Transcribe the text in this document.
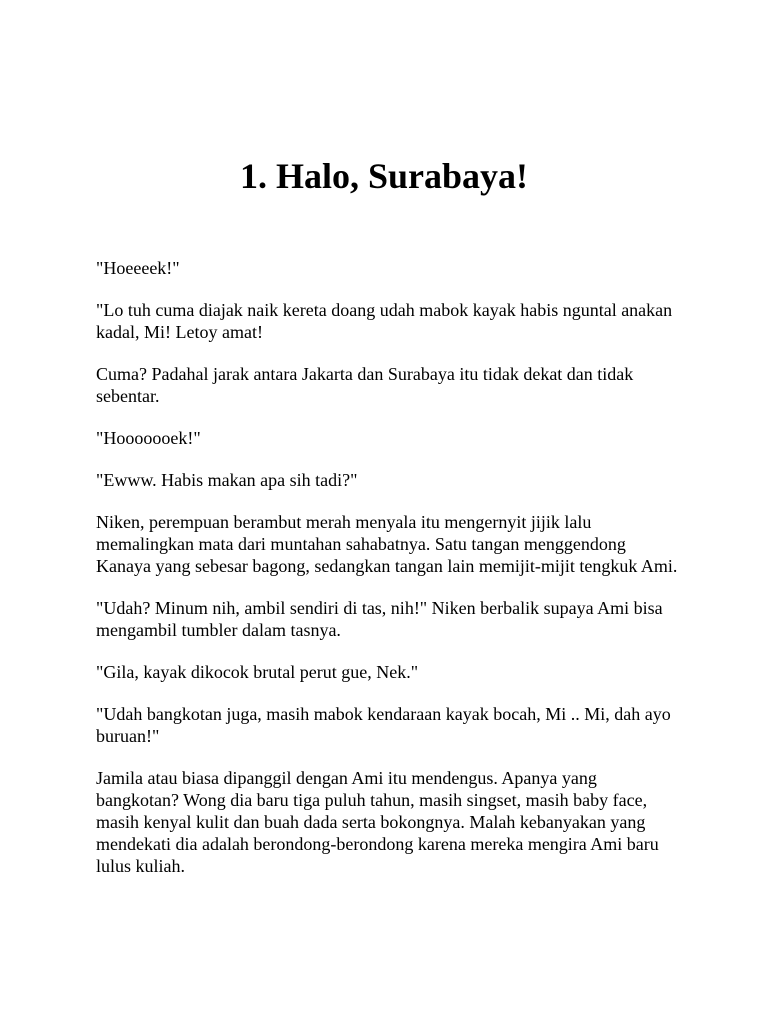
1. Halo, Surabaya!

"Hoeeeek!"

"Lo tuh cuma diajak naik kereta doang udah mabok kayak habis nguntal anakan kadal, Mi! Letoy amat!

Cuma? Padahal jarak antara Jakarta dan Surabaya itu tidak dekat dan tidak sebentar.

"Hooooooek!"

"Ewww. Habis makan apa sih tadi?"

Niken, perempuan berambut merah menyala itu mengernyit jijik lalu memalingkan mata dari muntahan sahabatnya. Satu tangan menggendong Kanaya yang sebesar bagong, sedangkan tangan lain memijit-mijit tengkuk Ami.

"Udah? Minum nih, ambil sendiri di tas, nih!" Niken berbalik supaya Ami bisa mengambil tumbler dalam tasnya.

"Gila, kayak dikocok brutal perut gue, Nek."

"Udah bangkotan juga, masih mabok kendaraan kayak bocah, Mi .. Mi, dah ayo buruan!"

Jamila atau biasa dipanggil dengan Ami itu mendengus. Apanya yang bangkotan? Wong dia baru tiga puluh tahun, masih singset, masih baby face, masih kenyal kulit dan buah dada serta bokongnya. Malah kebanyakan yang mendekati dia adalah berondong-berondong karena mereka mengira Ami baru lulus kuliah.
